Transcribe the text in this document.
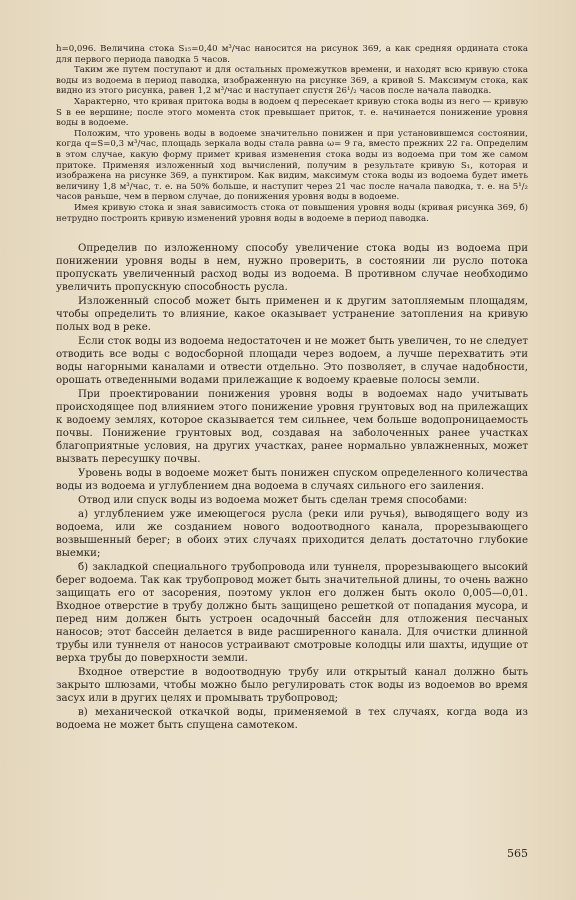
h=0,096. Величина стока S₁₅=0,40 м³/час наносится на рисунок 369, а как средняя ордината стока для первого периода паводка 5 часов.

Таким же путем поступают и для остальных промежутков времени, и находят всю кривую стока воды из водоема в период паводка, изображенную на рисунке 369, а кривой S. Максимум стока, как видно из этого рисунка, равен 1,2 м³/час и наступает спустя 26¹/₂ часов после начала паводка.

Характерно, что кривая притока воды в водоем q пересекает кривую стока воды из него — кривую S в ее вершине; после этого момента сток превышает приток, т. е. начинается понижение уровня воды в водоеме.

Положим, что уровень воды в водоеме значительно понижен и при установившемся состоянии, когда q=S=0,3 м³/час, площадь зеркала воды стала равна ω= 9 га, вместо прежних 22 га. Определим в этом случае, какую форму примет кривая изменения стока воды из водоема при том же самом притоке. Применяя изложенный ход вычислений, получим в результате кривую S₁, которая и изображена на рисунке 369, а пунктиром. Как видим, максимум стока воды из водоема будет иметь величину 1,8 м³/час, т. е. на 50% больше, и наступит через 21 час после начала паводка, т. е. на 5¹/₂ часов раньше, чем в первом случае, до понижения уровня воды в водоеме.

Имея кривую стока и зная зависимость стока от повышения уровня воды (кривая рисунка 369, б) нетрудно построить кривую изменений уровня воды в водоеме в период паводка.

Определив по изложенному способу увеличение стока воды из водоема при понижении уровня воды в нем, нужно проверить, в состоянии ли русло потока пропускать увеличенный расход воды из водоема. В противном случае необходимо увеличить пропускную способность русла.

Изложенный способ может быть применен и к другим затопляемым площадям, чтобы определить то влияние, какое оказывает устранение затопления на кривую полых вод в реке.

Если сток воды из водоема недостаточен и не может быть увеличен, то не следует отводить все воды с водосборной площади через водоем, а лучше перехватить эти воды нагорными каналами и отвести отдельно. Это позволяет, в случае надобности, орошать отведенными водами прилежащие к водоему краевые полосы земли.

При проектировании понижения уровня воды в водоемах надо учитывать происходящее под влиянием этого понижение уровня грунтовых вод на прилежащих к водоему землях, которое сказывается тем сильнее, чем больше водопроницаемость почвы. Понижение грунтовых вод, создавая на заболоченных ранее участках благоприятные условия, на других участках, ранее нормально увлажненных, может вызвать пересушку почвы.

Уровень воды в водоеме может быть понижен спуском определенного количества воды из водоема и углублением дна водоема в случаях сильного его заиления.

Отвод или спуск воды из водоема может быть сделан тремя способами:

а) углублением уже имеющегося русла (реки или ручья), выводящего воду из водоема, или же созданием нового водоотводного канала, прорезывающего возвышенный берег; в обоих этих случаях приходится делать достаточно глубокие выемки;

б) закладкой специального трубопровода или туннеля, прорезывающего высокий берег водоема. Так как трубопровод может быть значительной длины, то очень важно защищать его от засорения, поэтому уклон его должен быть около 0,005—0,01. Входное отверстие в трубу должно быть защищено решеткой от попадания мусора, и перед ним должен быть устроен осадочный бассейн для отложения песчаных наносов; этот бассейн делается в виде расширенного канала. Для очистки длинной трубы или туннеля от наносов устраивают смотровые колодцы или шахты, идущие от верха трубы до поверхности земли.

Входное отверстие в водоотводную трубу или открытый канал должно быть закрыто шлюзами, чтобы можно было регулировать сток воды из водоемов во время засух или в других целях и промывать трубопровод;

в) механической откачкой воды, применяемой в тех случаях, когда вода из водоема не может быть спущена самотеком.

565
